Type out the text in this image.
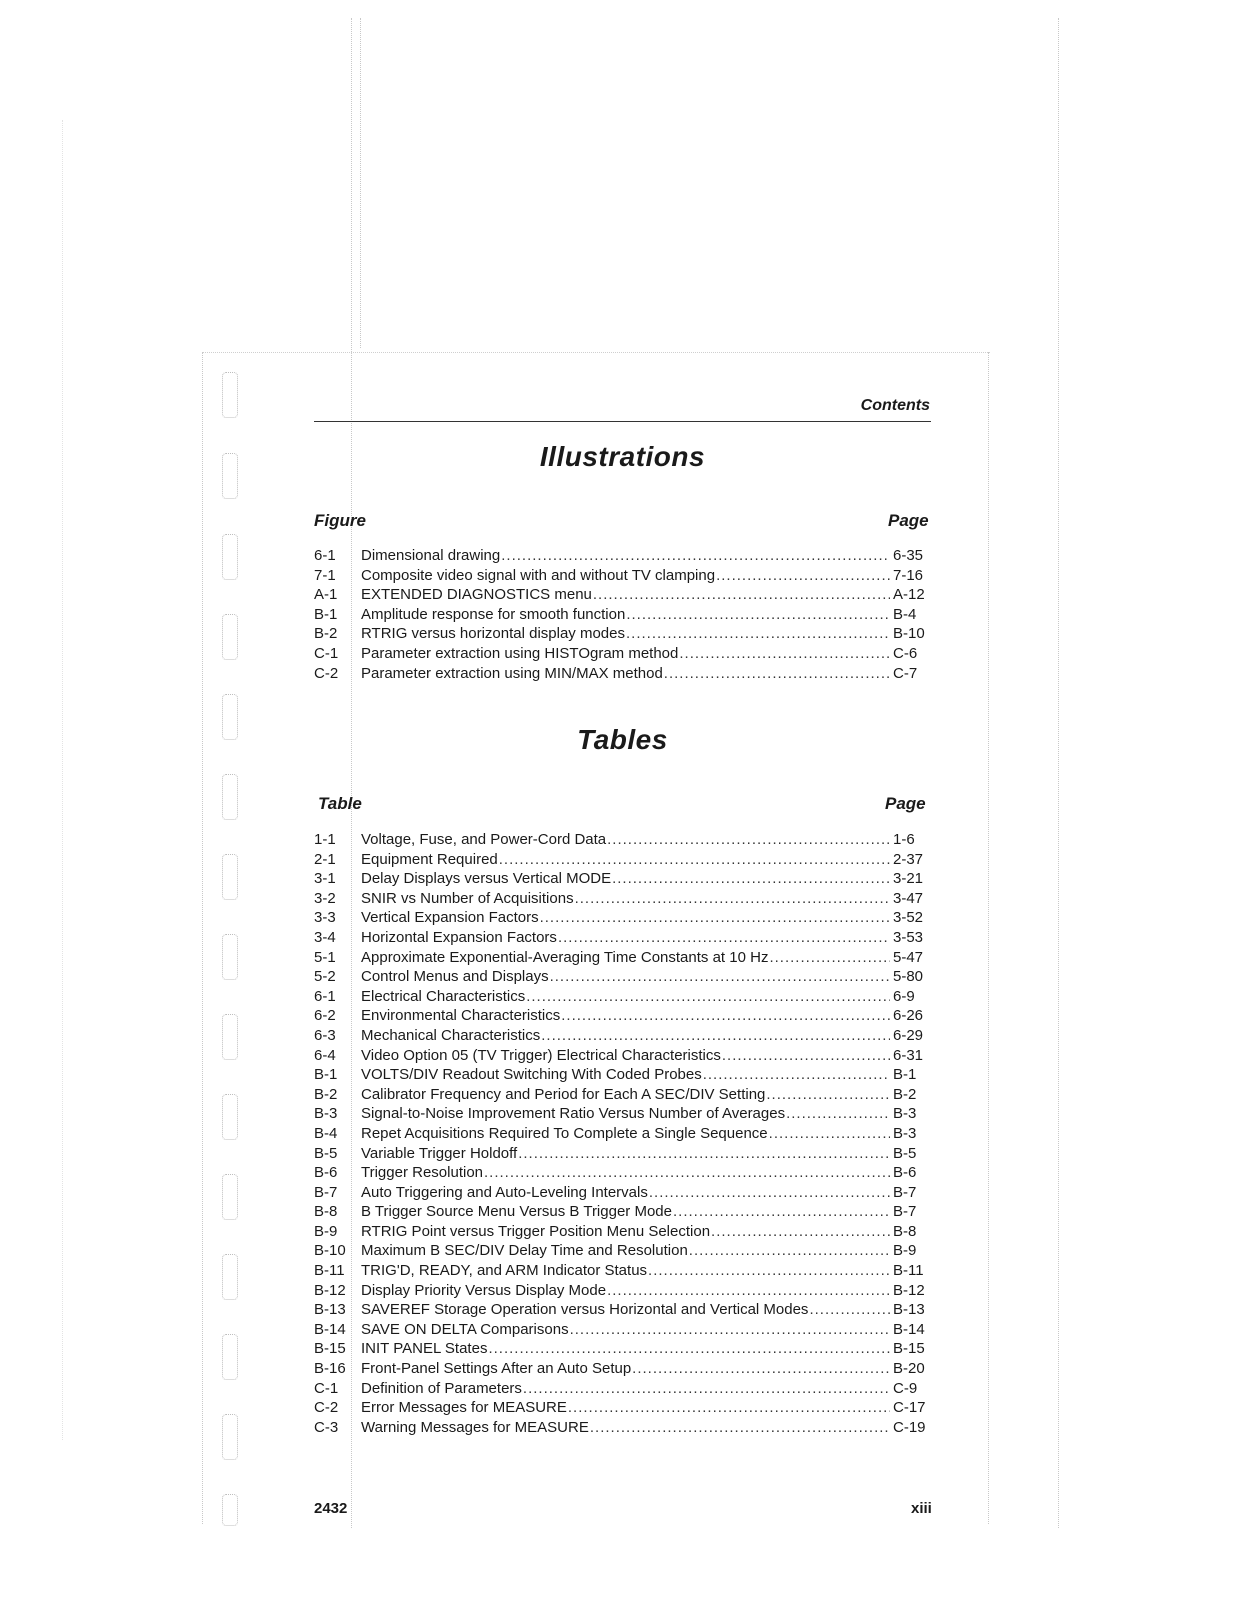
Contents
Illustrations
Figure	Page
6-1 Dimensional drawing .....	6-35
7-1 Composite video signal with and without TV clamping .....	7-16
A-1 EXTENDED DIAGNOSTICS menu .....	A-12
B-1 Amplitude response for smooth function .....	B-4
B-2 RTRIG versus horizontal display modes .....	B-10
C-1 Parameter extraction using HISTOgram method .....	C-6
C-2 Parameter extraction using MIN/MAX method .....	C-7
Tables
Table	Page
1-1 Voltage, Fuse, and Power-Cord Data .....	1-6
2-1 Equipment Required .....	2-37
3-1 Delay Displays versus Vertical MODE .....	3-21
3-2 SNIR vs Number of Acquisitions .....	3-47
3-3 Vertical Expansion Factors .....	3-52
3-4 Horizontal Expansion Factors .....	3-53
5-1 Approximate Exponential-Averaging Time Constants at 10 Hz .....	5-47
5-2 Control Menus and Displays .....	5-80
6-1 Electrical Characteristics .....	6-9
6-2 Environmental Characteristics .....	6-26
6-3 Mechanical Characteristics .....	6-29
6-4 Video Option 05 (TV Trigger) Electrical Characteristics .....	6-31
B-1 VOLTS/DIV Readout Switching With Coded Probes .....	B-1
B-2 Calibrator Frequency and Period for Each A SEC/DIV Setting .....	B-2
B-3 Signal-to-Noise Improvement Ratio Versus Number of Averages .....	B-3
B-4 Repet Acquisitions Required To Complete a Single Sequence .....	B-3
B-5 Variable Trigger Holdoff .....	B-5
B-6 Trigger Resolution .....	B-6
B-7 Auto Triggering and Auto-Leveling Intervals .....	B-7
B-8 B Trigger Source Menu Versus B Trigger Mode .....	B-7
B-9 RTRIG Point versus Trigger Position Menu Selection .....	B-8
B-10 Maximum B SEC/DIV Delay Time and Resolution .....	B-9
B-11 TRIG'D, READY, and ARM Indicator Status .....	B-11
B-12 Display Priority Versus Display Mode .....	B-12
B-13 SAVEREF Storage Operation versus Horizontal and Vertical Modes .....	B-13
B-14 SAVE ON DELTA Comparisons .....	B-14
B-15 INIT PANEL States .....	B-15
B-16 Front-Panel Settings After an Auto Setup .....	B-20
C-1 Definition of Parameters .....	C-9
C-2 Error Messages for MEASURE .....	C-17
C-3 Warning Messages for MEASURE .....	C-19
2432	xiii
